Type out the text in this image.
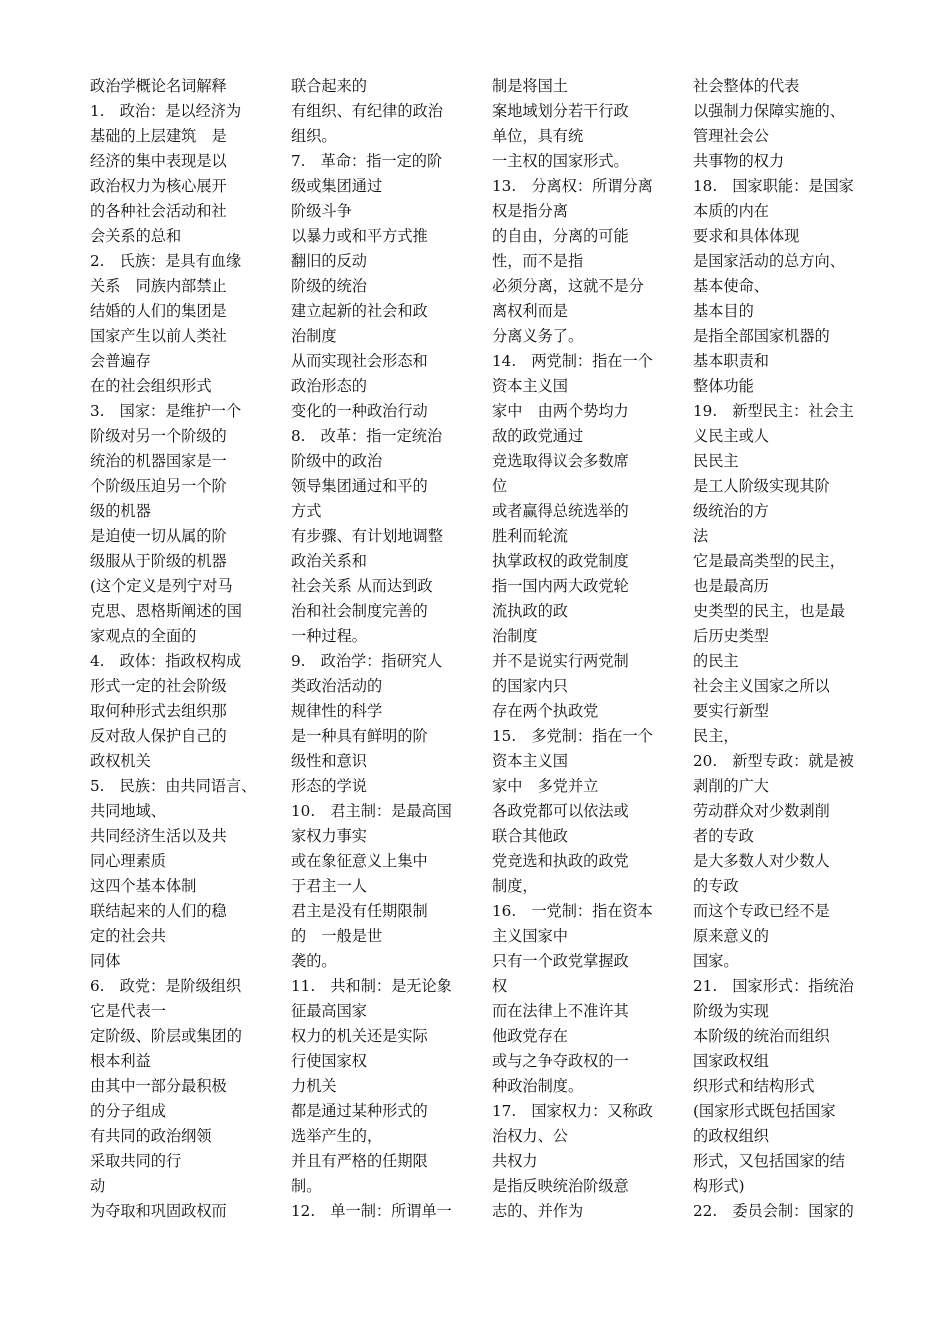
政治学概论名词解释
1.　政治：是以经济为
基础的上层建筑　是
经济的集中表现是以
政治权力为核心展开
的各种社会活动和社
会关系的总和
2.　氏族：是具有血缘
关系　同族内部禁止
结婚的人们的集团是
国家产生以前人类社
会普遍存
在的社会组织形式
3.　国家：是维护一个
阶级对另一个阶级的
统治的机器国家是一
个阶级压迫另一个阶
级的机器
是迫使一切从属的阶
级服从于阶级的机器
(这个定义是列宁对马
克思、恩格斯阐述的国
家观点的全面的
4.　政体：指政权构成
形式一定的社会阶级
取何种形式去组织那
反对敌人保护自己的
政权机关
5.　民族：由共同语言、
共同地域、
共同经济生活以及共
同心理素质
这四个基本体制
联结起来的人们的稳
定的社会共
同体
6.　政党：是阶级组织
它是代表一
定阶级、阶层或集团的
根本利益
由其中一部分最积极
的分子组成
有共同的政治纲领
采取共同的行
动
为夺取和巩固政权而
联合起来的
有组织、有纪律的政治
组织。
7.　革命：指一定的阶
级或集团通过
阶级斗争
以暴力或和平方式推
翻旧的反动
阶级的统治
建立起新的社会和政
治制度
从而实现社会形态和
政治形态的
变化的一种政治行动
8.　改革：指一定统治
阶级中的政治
领导集团通过和平的
方式
有步骤、有计划地调整
政治关系和
社会关系 从而达到政
治和社会制度完善的
一种过程。
9.　政治学：指研究人
类政治活动的
规律性的科学
是一种具有鲜明的阶
级性和意识
形态的学说
10.　君主制：是最高国
家权力事实
或在象征意义上集中
于君主一人
君主是没有任期限制
的　一般是世
袭的。
11.　共和制：是无论象
征最高国家
权力的机关还是实际
行使国家权
力机关
都是通过某种形式的
选举产生的，
并且有严格的任期限
制。
12.　单一制：所谓单一
制是将国土
案地域划分若干行政
单位，具有统
一主权的国家形式。
13.　分离权：所谓分离
权是指分离
的自由，分离的可能
性，而不是指
必须分离，这就不是分
离权利而是
分离义务了。
14.　两党制：指在一个
资本主义国
家中　由两个势均力
敌的政党通过
竞选取得议会多数席
位
或者赢得总统选举的
胜利而轮流
执掌政权的政党制度
指一国内两大政党轮
流执政的政
治制度
并不是说实行两党制
的国家内只
存在两个执政党
15.　多党制：指在一个
资本主义国
家中　多党并立
各政党都可以依法或
联合其他政
党竞选和执政的政党
制度，
16.　一党制：指在资本
主义国家中
只有一个政党掌握政
权
而在法律上不准许其
他政党存在
或与之争夺政权的一
种政治制度。
17.　国家权力：又称政
治权力、公
共权力
是指反映统治阶级意
志的、并作为
社会整体的代表
以强制力保障实施的、
管理社会公
共事物的权力
18.　国家职能：是国家
本质的内在
要求和具体体现
是国家活动的总方向、
基本使命、
基本目的
是指全部国家机器的
基本职责和
整体功能
19.　新型民主：社会主
义民主或人
民民主
是工人阶级实现其阶
级统治的方
法
它是最高类型的民主，
也是最高历
史类型的民主，也是最
后历史类型
的民主
社会主义国家之所以
要实行新型
民主，
20.　新型专政：就是被
剥削的广大
劳动群众对少数剥削
者的专政
是大多数人对少数人
的专政
而这个专政已经不是
原来意义的
国家。
21.　国家形式：指统治
阶级为实现
本阶级的统治而组织
国家政权组
织形式和结构形式
(国家形式既包括国家
的政权组织
形式，又包括国家的结
构形式)
22.　委员会制：国家的
